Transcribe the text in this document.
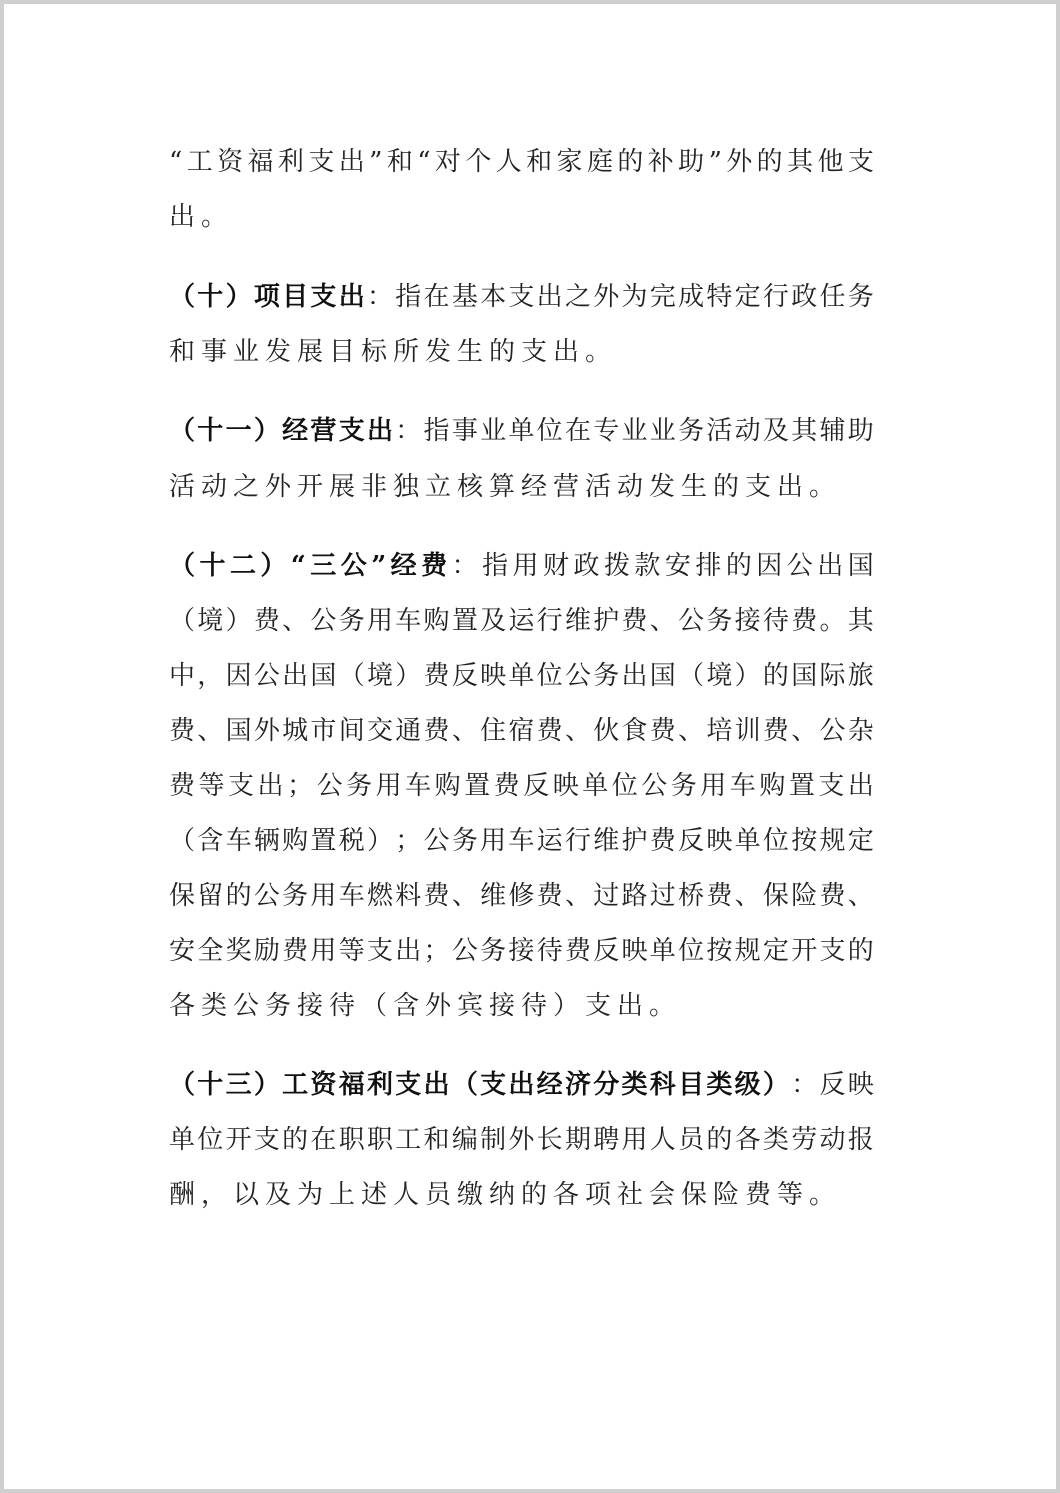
“ 工 资 福 利 支 出 ” 和 “ 对 个 人 和 家 庭 的 补 助 ” 外 的 其 他 支
出。
（ 十 ） 项 目 支 出 ： 指 在 基 本 支 出 之 外 为 完 成 特 定 行 政 任 务
和事业发展目标所发生的支出。
（ 十 一 ） 经 营 支 出 ： 指 事 业 单 位 在 专 业 业 务 活 动 及 其 辅 助
活动之外开展非独立核算经营活动发生的支出。
（ 十 二 ） “ 三 公 ” 经 费 ： 指 用 财 政 拨 款 安 排 的 因 公 出 国
（ 境 ） 费 、 公 务 用 车 购 置 及 运 行 维 护 费 、 公 务 接 待 费 。 其
中 ， 因 公 出 国 （ 境 ） 费 反 映 单 位 公 务 出 国 （ 境 ） 的 国 际 旅
费 、 国 外 城 市 间 交 通 费 、 住 宿 费 、 伙 食 费 、 培 训 费 、 公 杂
费 等 支 出 ； 公 务 用 车 购 置 费 反 映 单 位 公 务 用 车 购 置 支 出
（ 含 车 辆 购 置 税 ） ； 公 务 用 车 运 行 维 护 费 反 映 单 位 按 规 定
保 留 的 公 务 用 车 燃 料 费 、 维 修 费 、 过 路 过 桥 费 、 保 险 费 、
安 全 奖 励 费 用 等 支 出 ； 公 务 接 待 费 反 映 单 位 按 规 定 开 支 的
各类公务接待（含外宾接待）支出。
（ 十 三 ） 工 资 福 利 支 出 （ 支 出 经 济 分 类 科 目 类 级 ） ： 反 映
单 位 开 支 的 在 职 职 工 和 编 制 外 长 期 聘 用 人 员 的 各 类 劳 动 报
酬，以及为上述人员缴纳的各项社会保险费等。
